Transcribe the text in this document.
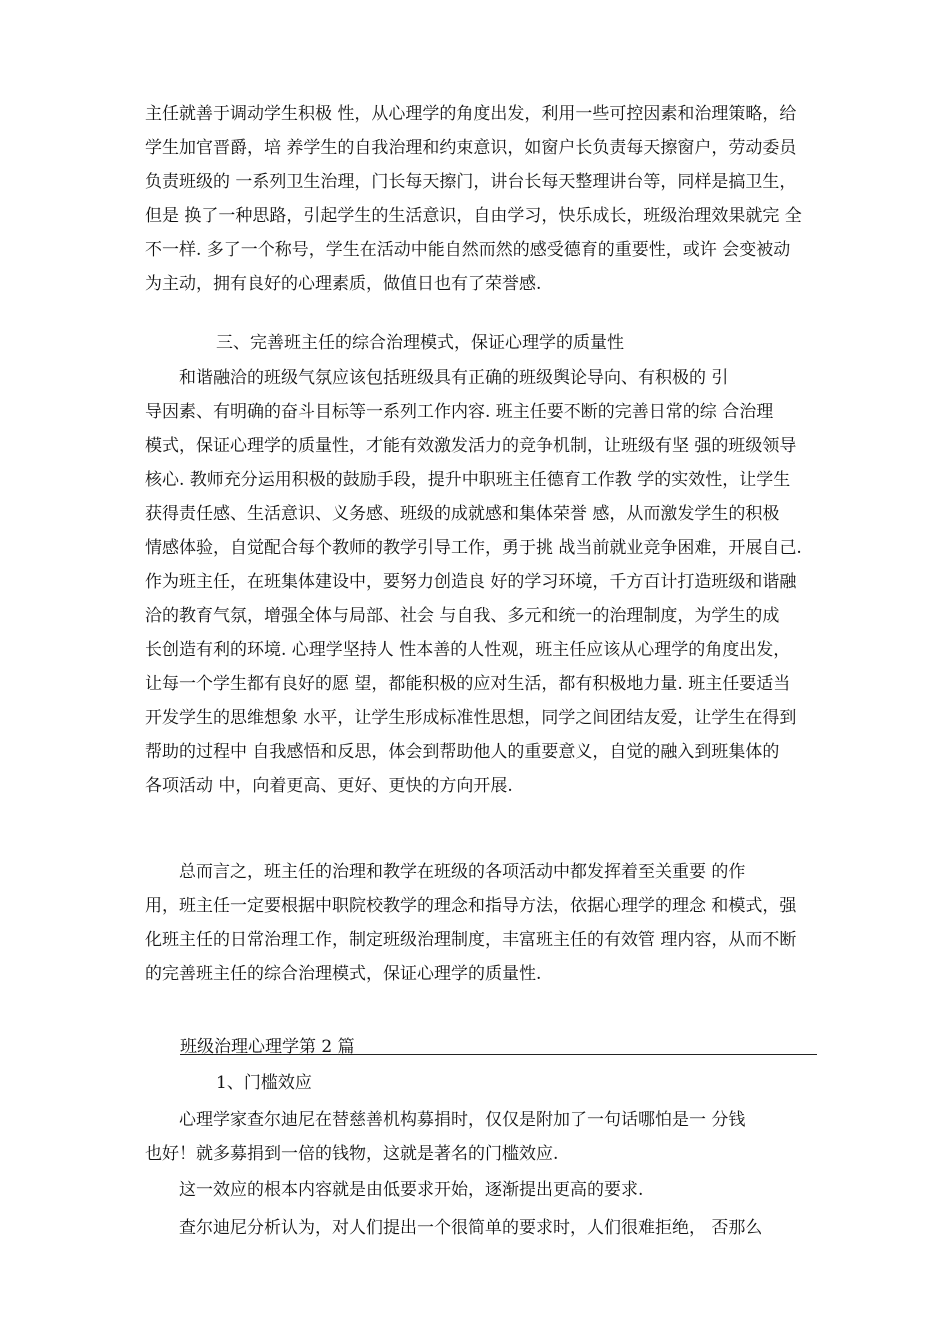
主任就善于调动学生积极 性，从心理学的角度出发，利用一些可控因素和治理策略，给
学生加官晋爵，培 养学生的自我治理和约束意识，如窗户长负责每天擦窗户，劳动委员
负责班级的 一系列卫生治理，门长每天擦门，讲台长每天整理讲台等，同样是搞卫生，
但是 换了一种思路，引起学生的生活意识，自由学习，快乐成长，班级治理效果就完 全
不一样. 多了一个称号，学生在活动中能自然而然的感受德育的重要性，或许 会变被动
为主动，拥有良好的心理素质，做值日也有了荣誉感.
三、完善班主任的综合治理模式，保证心理学的质量性
　　和谐融洽的班级气氛应该包括班级具有正确的班级舆论导向、有积极的 引
导因素、有明确的奋斗目标等一系列工作内容. 班主任要不断的完善日常的综 合治理
模式，保证心理学的质量性，才能有效激发活力的竞争机制，让班级有坚 强的班级领导
核心. 教师充分运用积极的鼓励手段，提升中职班主任德育工作教 学的实效性，让学生
获得责任感、生活意识、义务感、班级的成就感和集体荣誉 感，从而激发学生的积极
情感体验，自觉配合每个教师的教学引导工作，勇于挑 战当前就业竞争困难，开展自己.
作为班主任，在班集体建设中，要努力创造良 好的学习环境，千方百计打造班级和谐融
洽的教育气氛，增强全体与局部、社会 与自我、多元和统一的治理制度，为学生的成
长创造有利的环境. 心理学坚持人 性本善的人性观，班主任应该从心理学的角度出发，
让每一个学生都有良好的愿 望，都能积极的应对生活，都有积极地力量. 班主任要适当
开发学生的思维想象 水平，让学生形成标准性思想，同学之间团结友爱，让学生在得到
帮助的过程中 自我感悟和反思，体会到帮助他人的重要意义，自觉的融入到班集体的
各项活动 中，向着更高、更好、更快的方向开展.
　　总而言之，班主任的治理和教学在班级的各项活动中都发挥着至关重要 的作
用，班主任一定要根据中职院校教学的理念和指导方法，依据心理学的理念 和模式，强
化班主任的日常治理工作，制定班级治理制度，丰富班主任的有效管 理内容，从而不断
的完善班主任的综合治理模式，保证心理学的质量性.
班级治理心理学第 2 篇
1、门槛效应
　　心理学家查尔迪尼在替慈善机构募捐时，仅仅是附加了一句话哪怕是一 分钱
也好！就多募捐到一倍的钱物，这就是著名的门槛效应.
　　这一效应的根本内容就是由低要求开始，逐渐提出更高的要求.
　　查尔迪尼分析认为，对人们提出一个很简单的要求时，人们很难拒绝， 否那么
